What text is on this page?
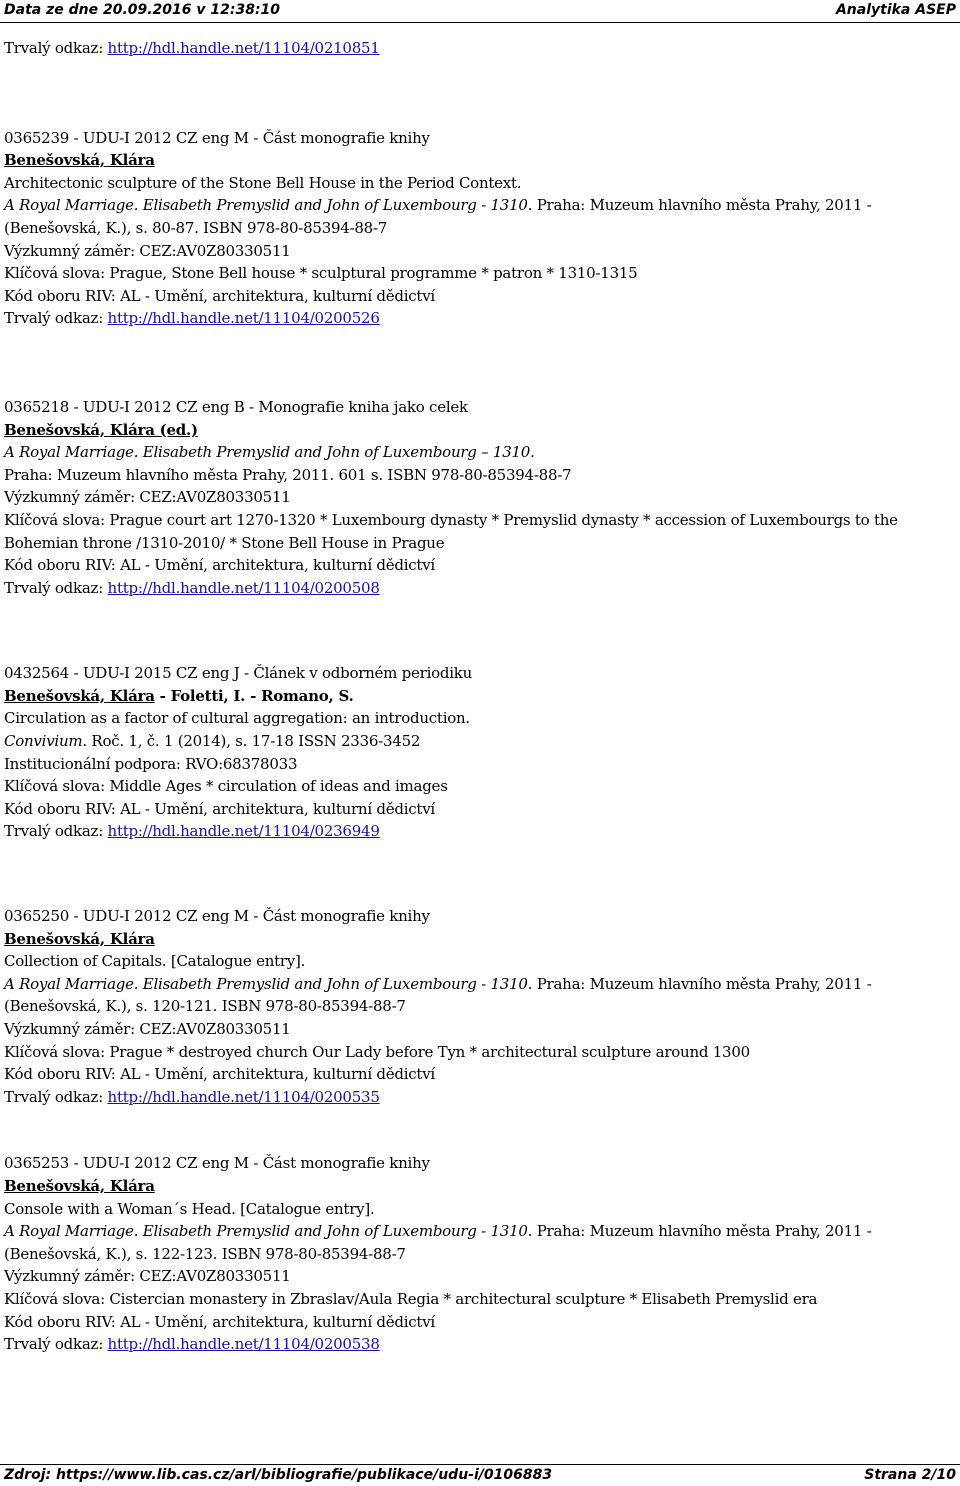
Data ze dne 20.09.2016 v 12:38:10	Analytika ASEP
Trvalý odkaz: http://hdl.handle.net/11104/0210851
0365239 - UDU-I 2012 CZ eng M - Část monografie knihy
Benešovská, Klára
Architectonic sculpture of the Stone Bell House in the Period Context.
A Royal Marriage. Elisabeth Premyslid and John of Luxembourg - 1310. Praha: Muzeum hlavního města Prahy, 2011 -
(Benešovská, K.), s. 80-87. ISBN 978-80-85394-88-7
Výzkumný záměr: CEZ:AV0Z80330511
Klíčová slova: Prague, Stone Bell house * sculptural programme * patron * 1310-1315
Kód oboru RIV: AL - Umění, architektura, kulturní dědictví
Trvalý odkaz: http://hdl.handle.net/11104/0200526
0365218 - UDU-I 2012 CZ eng B - Monografie kniha jako celek
Benešovská, Klára (ed.)
A Royal Marriage. Elisabeth Premyslid and John of Luxembourg – 1310.
Praha: Muzeum hlavního města Prahy, 2011. 601 s. ISBN 978-80-85394-88-7
Výzkumný záměr: CEZ:AV0Z80330511
Klíčová slova: Prague court art 1270-1320 * Luxembourg dynasty * Premyslid dynasty * accession of Luxembourgs to the
Bohemian throne /1310-2010/ * Stone Bell House in Prague
Kód oboru RIV: AL - Umění, architektura, kulturní dědictví
Trvalý odkaz: http://hdl.handle.net/11104/0200508
0432564 - UDU-I 2015 CZ eng J - Článek v odborném periodiku
Benešovská, Klára - Foletti, I. - Romano, S.
Circulation as a factor of cultural aggregation: an introduction.
Convivium. Roč. 1, č. 1 (2014), s. 17-18 ISSN 2336-3452
Institucionální podpora: RVO:68378033
Klíčová slova: Middle Ages * circulation of ideas and images
Kód oboru RIV: AL - Umění, architektura, kulturní dědictví
Trvalý odkaz: http://hdl.handle.net/11104/0236949
0365250 - UDU-I 2012 CZ eng M - Část monografie knihy
Benešovská, Klára
Collection of Capitals. [Catalogue entry].
A Royal Marriage. Elisabeth Premyslid and John of Luxembourg - 1310. Praha: Muzeum hlavního města Prahy, 2011 -
(Benešovská, K.), s. 120-121. ISBN 978-80-85394-88-7
Výzkumný záměr: CEZ:AV0Z80330511
Klíčová slova: Prague * destroyed church Our Lady before Tyn * architectural sculpture around 1300
Kód oboru RIV: AL - Umění, architektura, kulturní dědictví
Trvalý odkaz: http://hdl.handle.net/11104/0200535
0365253 - UDU-I 2012 CZ eng M - Část monografie knihy
Benešovská, Klára
Console with a Woman´s Head. [Catalogue entry].
A Royal Marriage. Elisabeth Premyslid and John of Luxembourg - 1310. Praha: Muzeum hlavního města Prahy, 2011 -
(Benešovská, K.), s. 122-123. ISBN 978-80-85394-88-7
Výzkumný záměr: CEZ:AV0Z80330511
Klíčová slova: Cistercian monastery in Zbraslav/Aula Regia * architectural sculpture * Elisabeth Premyslid era
Kód oboru RIV: AL - Umění, architektura, kulturní dědictví
Trvalý odkaz: http://hdl.handle.net/11104/0200538
Zdroj: https://www.lib.cas.cz/arl/bibliografie/publikace/udu-i/0106883	Strana 2/10
